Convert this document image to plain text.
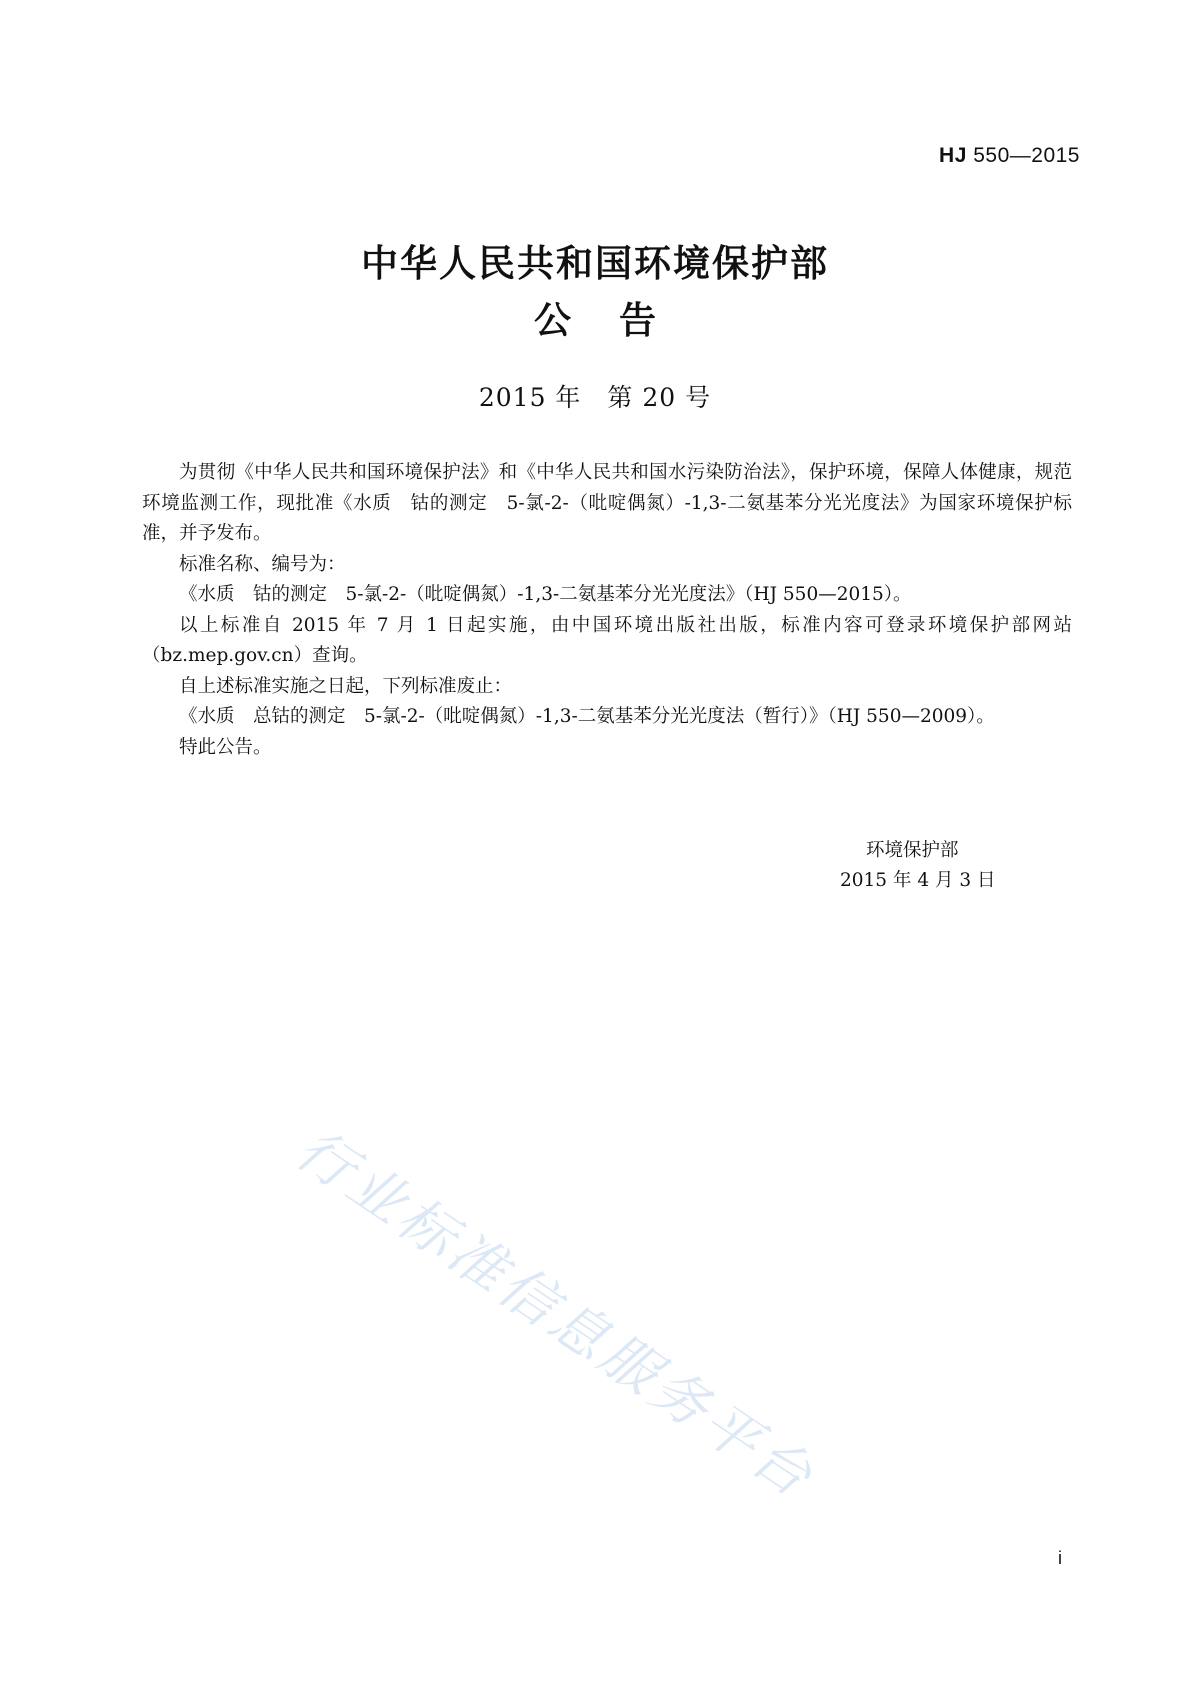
HJ 550—2015
中华人民共和国环境保护部
公 告
2015 年　第 20 号

为贯彻《中华人民共和国环境保护法》和《中华人民共和国水污染防治法》，保护环境，保障人体健康，规范环境监测工作，现批准《水质　钴的测定　5-氯-2-（吡啶偶氮）-1,3-二氨基苯分光光度法》为国家环境保护标准，并予发布。

标准名称、编号为：

《水质　钴的测定　5-氯-2-（吡啶偶氮）-1,3-二氨基苯分光光度法》（HJ 550—2015）。

以上标准自 2015 年 7 月 1 日起实施，由中国环境出版社出版，标准内容可登录环境保护部网站（bz.mep.gov.cn）查询。

自上述标准实施之日起，下列标准废止：

《水质　总钴的测定　5-氯-2-（吡啶偶氮）-1,3-二氨基苯分光光度法（暂行）》（HJ 550—2009）。

特此公告。

环境保护部
2015 年 4 月 3 日
行业标准信息服务平台
i
